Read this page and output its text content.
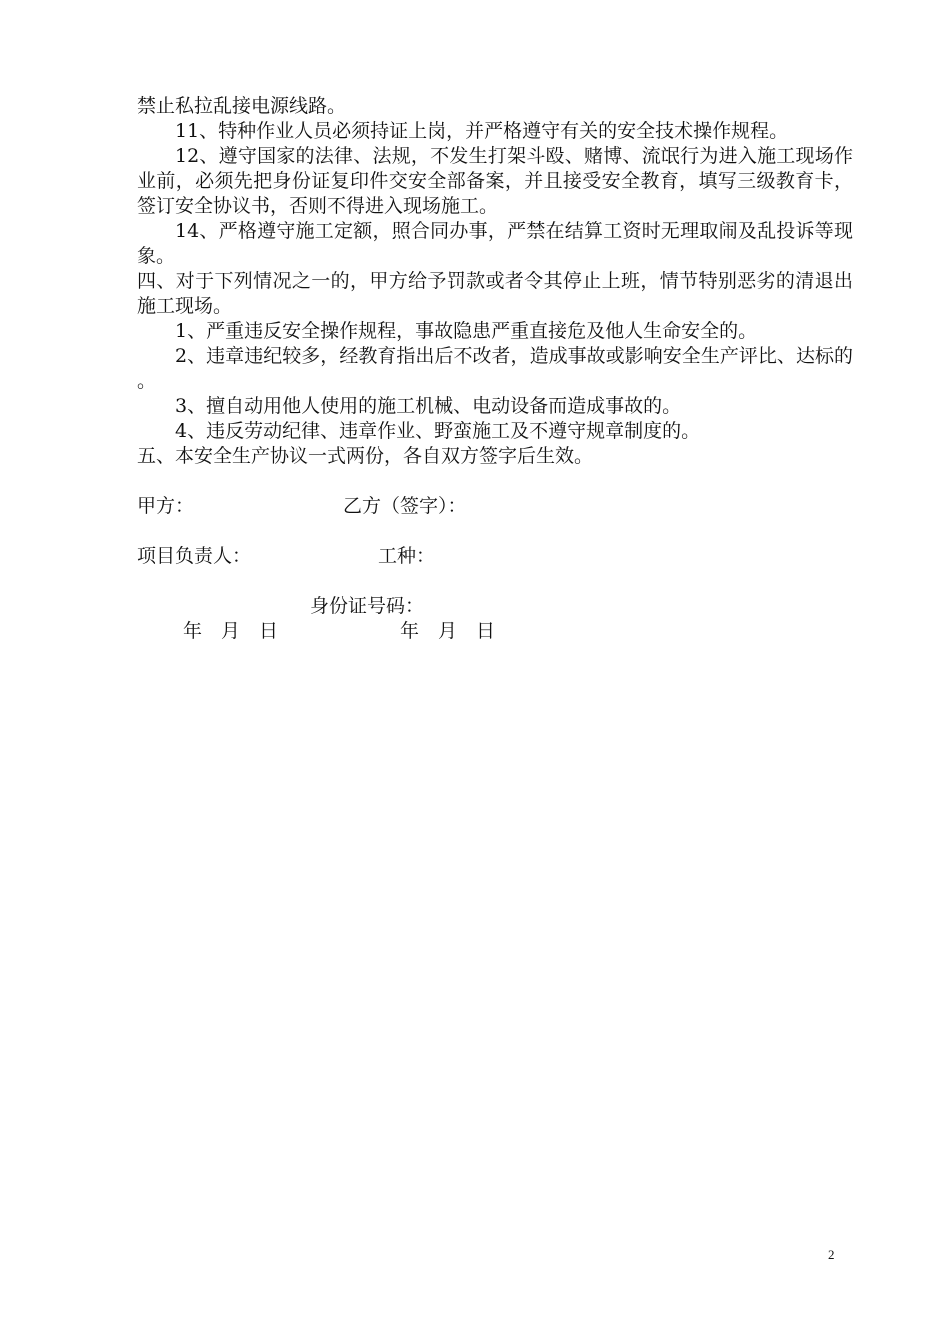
禁止私拉乱接电源线路。

11、特种作业人员必须持证上岗，并严格遵守有关的安全技术操作规程。

12、遵守国家的法律、法规，不发生打架斗殴、赌博、流氓行为进入施工现场作业前，必须先把身份证复印件交安全部备案，并且接受安全教育，填写三级教育卡，签订安全协议书，否则不得进入现场施工。

14、严格遵守施工定额，照合同办事，严禁在结算工资时无理取闹及乱投诉等现象。

四、对于下列情况之一的，甲方给予罚款或者令其停止上班，情节特别恶劣的清退出施工现场。

1、严重违反安全操作规程，事故隐患严重直接危及他人生命安全的。

2、违章违纪较多，经教育指出后不改者，造成事故或影响安全生产评比、达标的。

3、擅自动用他人使用的施工机械、电动设备而造成事故的。

4、违反劳动纪律、违章作业、野蛮施工及不遵守规章制度的。

五、本安全生产协议一式两份，各自双方签字后生效。

甲方：	乙方（签字）：
项目负责人：	工种：
身份证号码：
年　月　日	年　月　日
2
